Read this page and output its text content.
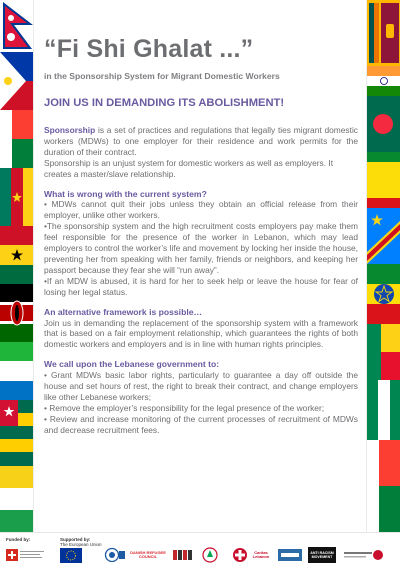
“Fi Shi Ghalat ...”
in the Sponsorship System for Migrant Domestic Workers
JOIN US IN DEMANDING ITS ABOLISHMENT!

Sponsorship is a set of practices and regulations that legally ties migrant domestic workers (MDWs) to one employer for their residence and work permits for the duration of their contract.

Sponsorship is an unjust system for domestic workers as well as employers. It creates a master/slave relationship.

What is wrong with the current system?

• MDWs cannot quit their jobs unless they obtain an official release from their employer, unlike other workers.

•The sponsorship system and the high recruitment costs employers pay make them feel responsible for the presence of the worker in Lebanon, which may lead employers to control the worker’s life and movement by locking her inside the house, preventing her from speaking with her family, friends or neighbors, and keeping her passport because they fear she will “run away”.

•If an MDW is abused, it is hard for her to seek help or leave the house for fear of losing her legal status.

An alternative framework is possible…

Join us in demanding the replacement of the sponsorship system with a framework that is based on a fair employment relationship, which guarantees the rights of both domestic workers and employers and is in line with human rights principles.

We call upon the Lebanese government to:

• Grant MDWs basic labor rights, particularly to guarantee a day off outside the house and set hours of rest, the right to break their contract, and change employers like other Lebanese workers;

• Remove the employer’s responsibility for the legal presence of the worker;

• Review and increase monitoring of the current processes of recruitment of MDWs and decrease recruitment fees.

Funded by:	Supported by:
The European Union
DANISH REFUGEE COUNCIL
Caritas Lebanon
ANTI RACISM MOVEMENT
